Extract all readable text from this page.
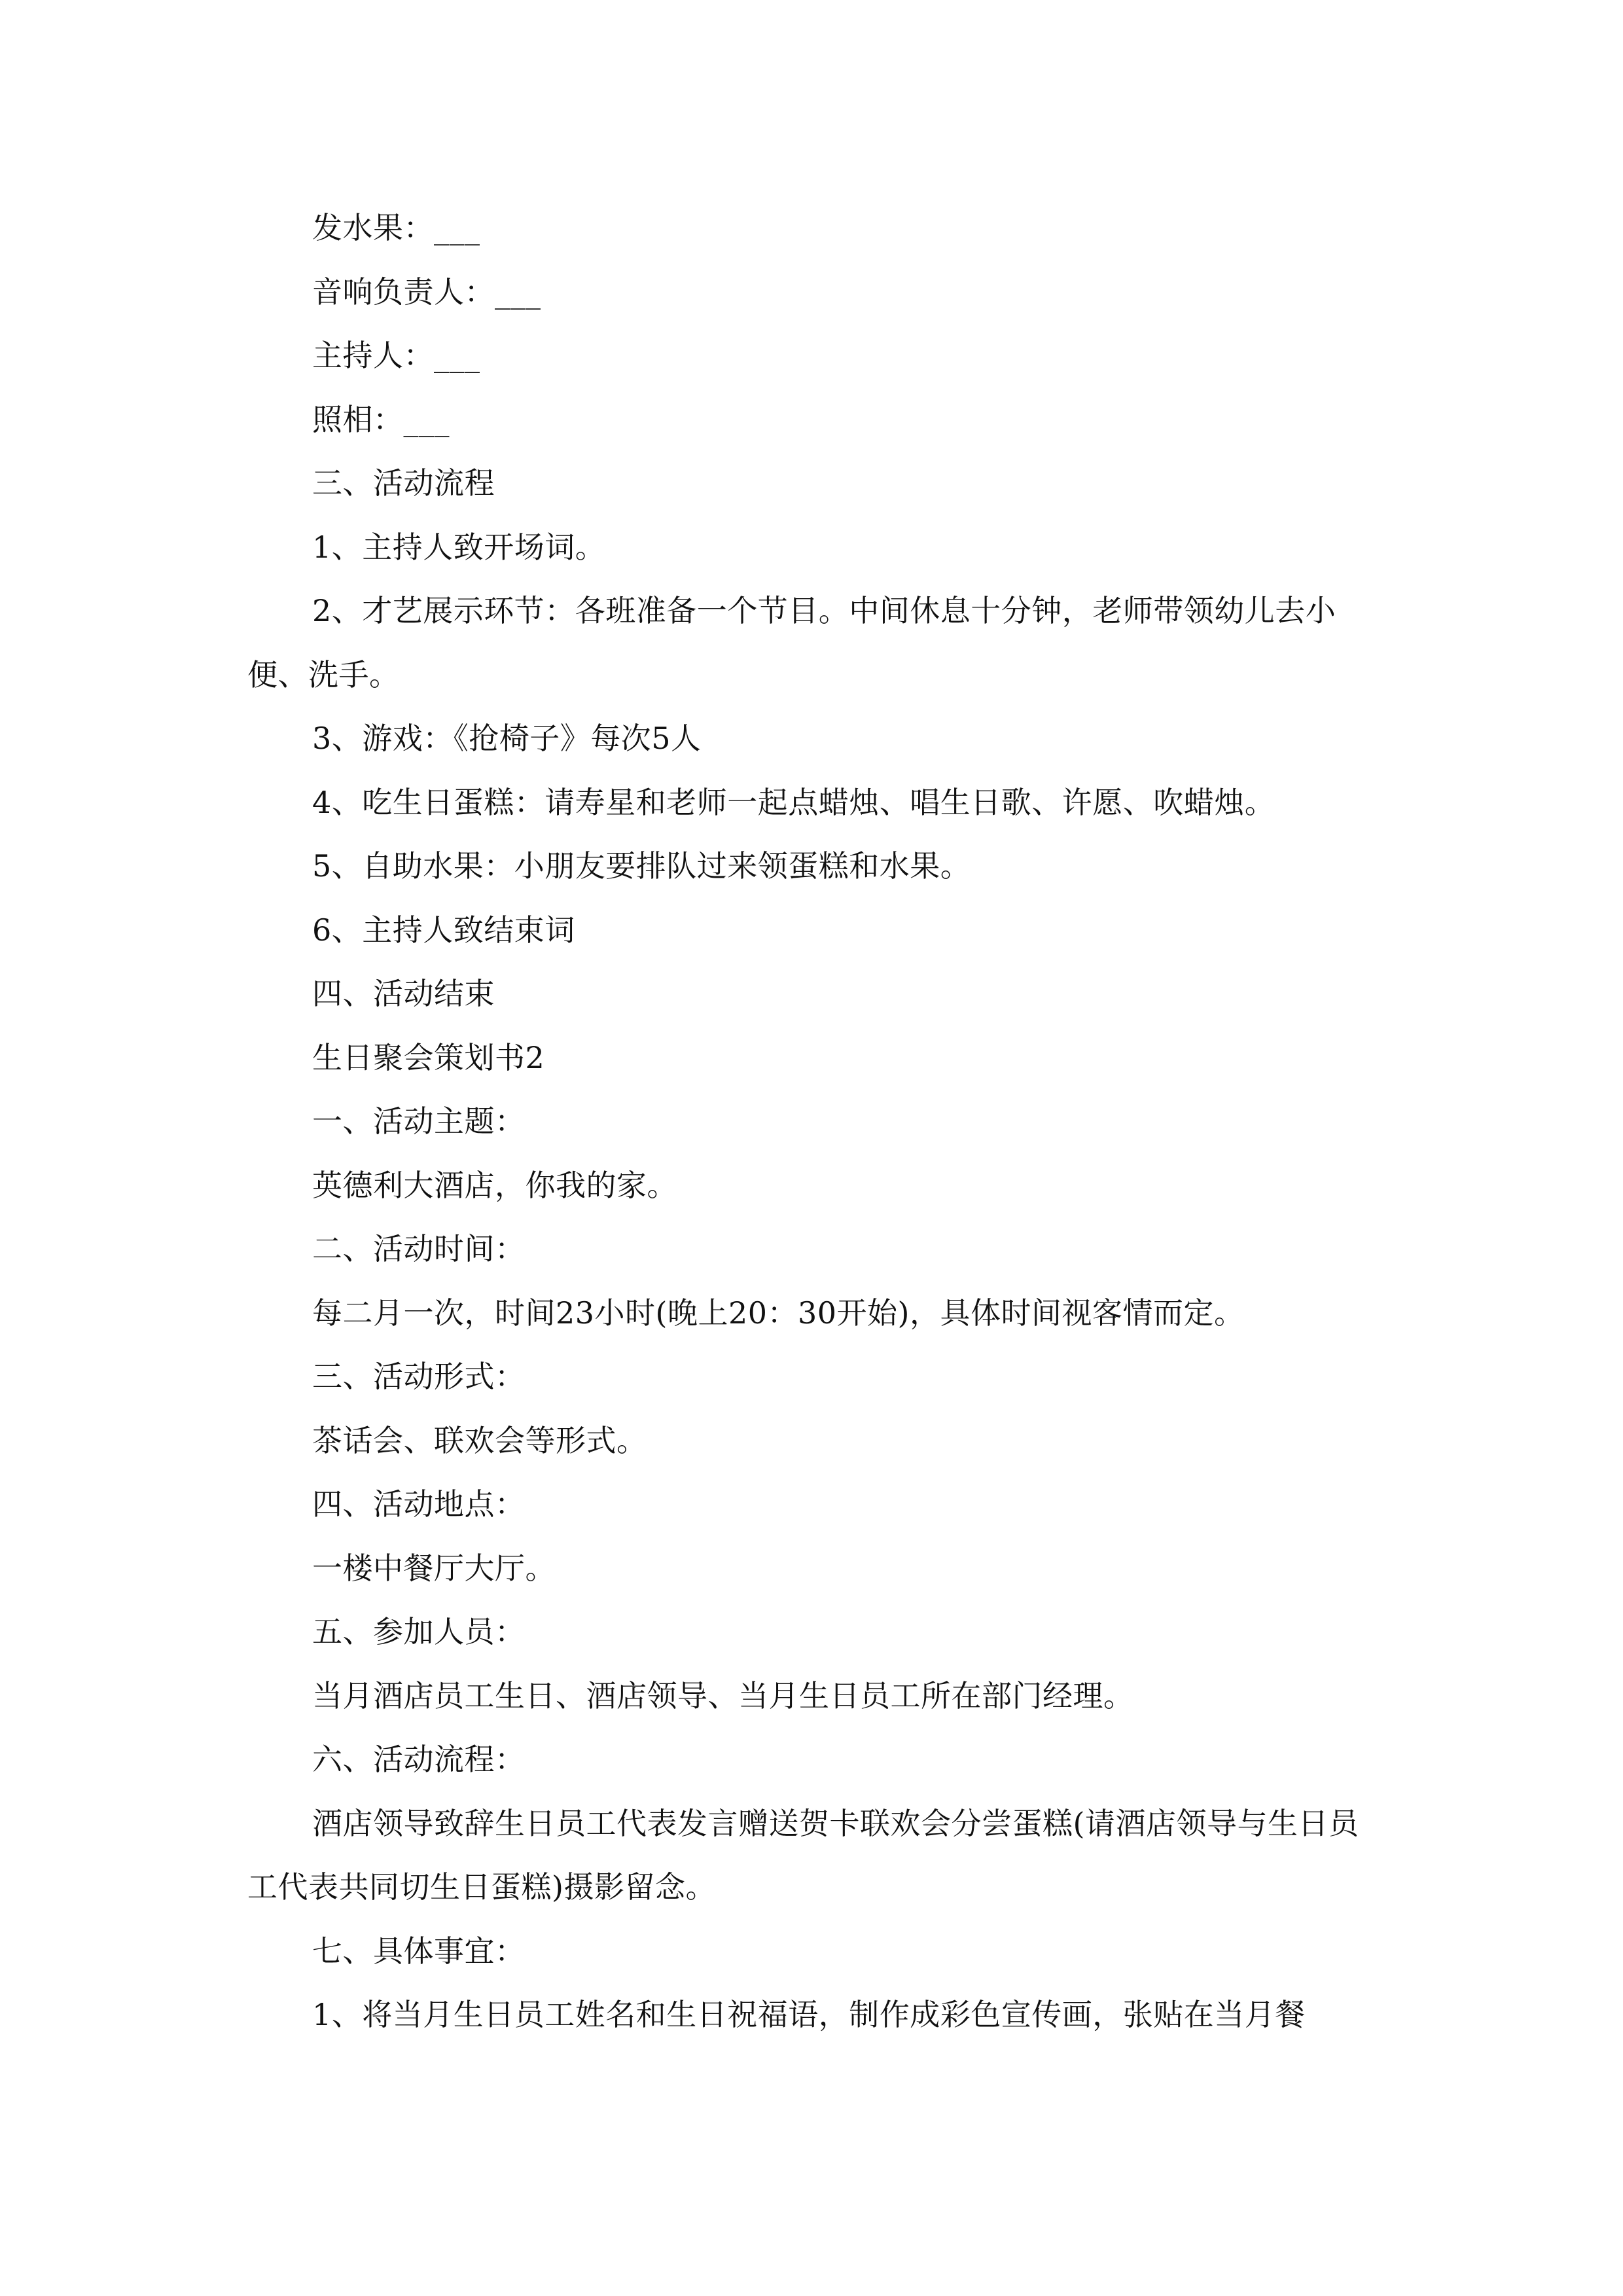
发水果：___

音响负责人：___

主持人：___

照相：___

三、活动流程

1、主持人致开场词。

2、才艺展示环节：各班准备一个节目。中间休息十分钟，老师带领幼儿去小便、洗手。

3、游戏：《抢椅子》每次5人

4、吃生日蛋糕：请寿星和老师一起点蜡烛、唱生日歌、许愿、吹蜡烛。

5、自助水果：小朋友要排队过来领蛋糕和水果。

6、主持人致结束词

四、活动结束

生日聚会策划书2

一、活动主题：

英德利大酒店，你我的家。

二、活动时间：

每二月一次，时间23小时(晚上20：30开始)，具体时间视客情而定。

三、活动形式：

茶话会、联欢会等形式。

四、活动地点：

一楼中餐厅大厅。

五、参加人员：

当月酒店员工生日、酒店领导、当月生日员工所在部门经理。

六、活动流程：

酒店领导致辞生日员工代表发言赠送贺卡联欢会分尝蛋糕(请酒店领导与生日员工代表共同切生日蛋糕)摄影留念。

七、具体事宜：

1、将当月生日员工姓名和生日祝福语，制作成彩色宣传画，张贴在当月餐
